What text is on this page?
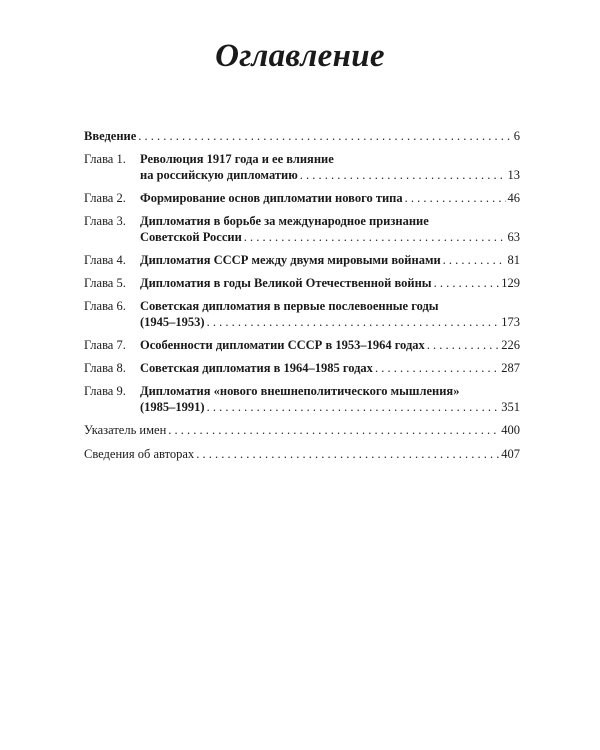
Оглавление
Введение . . .	6
Глава 1.	Революция 1917 года и ее влияние
на российскую дипломатию . . .	13
Глава 2.	Формирование основ дипломатии нового типа . . .	46
Глава 3.	Дипломатия в борьбе за международное признание
Советской России . . .	63
Глава 4.	Дипломатия СССР между двумя мировыми войнами . . .	81
Глава 5.	Дипломатия в годы Великой Отечественной войны . . .	129
Глава 6.	Советская дипломатия в первые послевоенные годы
(1945–1953) . . .	173
Глава 7.	Особенности дипломатии СССР в 1953–1964 годах . . .	226
Глава 8.	Советская дипломатия в 1964–1985 годах . . .	287
Глава 9.	Дипломатия «нового внешнеполитического мышления»
(1985–1991) . . .	351
Указатель имен . . .	400
Сведения об авторах . . .	407
